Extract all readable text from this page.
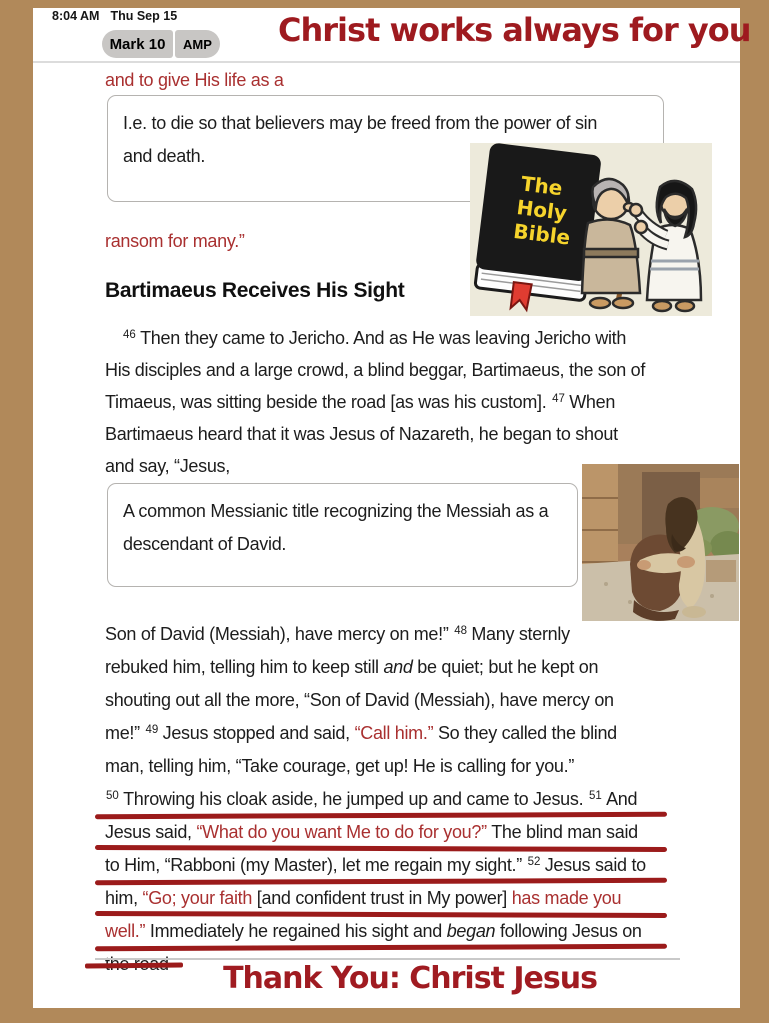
8:04 AM Thu Sep 15
Mark 10	AMP Christ works always for you
and to give His life as a
I.e. to die so that believers may be freed from the power of sin
and death.
The
Holy
Bible
ransom for many.”
Bartimaeus Receives His Sight
$^{46}$ Then they came to Jericho. And as He was leaving Jericho with
His disciples and a large crowd, a blind beggar, Bartimaeus, the son of
Timaeus, was sitting beside the road [as was his custom]. $^{47}$ When
Bartimaeus heard that it was Jesus of Nazareth, he began to shout
and say, “Jesus,
A common Messianic title recognizing the Messiah as a
descendant of David.
Son of David (Messiah), have mercy on me!” $^{48}$ Many sternly
rebuked him, telling him to keep still and be quiet; but he kept on
shouting out all the more, “Son of David (Messiah), have mercy on
me!” $^{49}$ Jesus stopped and said, “Call him.” So they called the blind
man, telling him, “Take courage, get up! He is calling for you.”
$^{50}$ Throwing his cloak aside, he jumped up and came to Jesus. $^{51}$ And
Jesus said, “What do you want Me to do for you?” The blind man said
to Him, “Rabboni (my Master), let me regain my sight.” $^{52}$ Jesus said to
him, “Go; your faith [and confident trust in My power] has made you
well.” Immediately he regained his sight and began following Jesus on
Thank You: Christ Jesus
